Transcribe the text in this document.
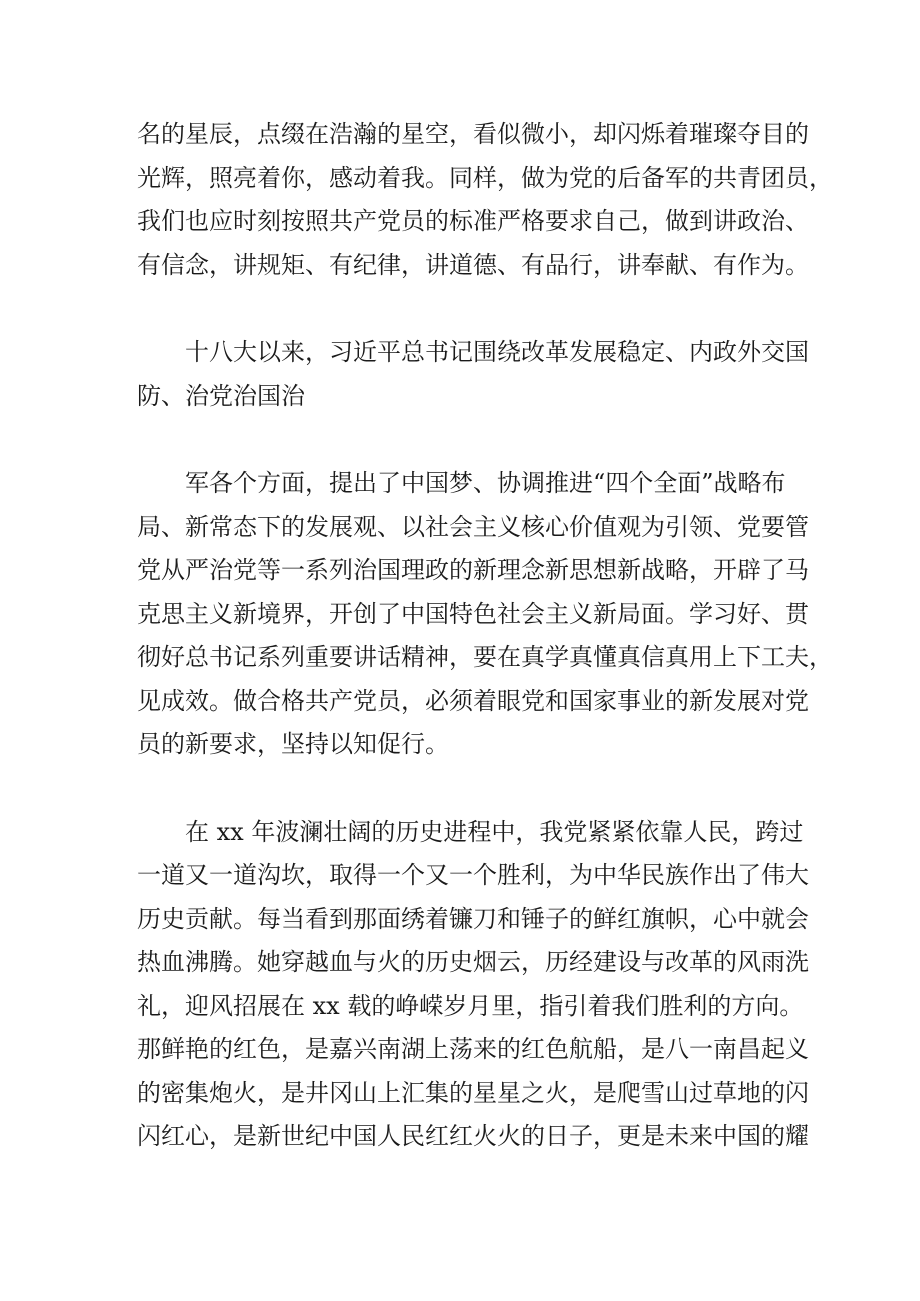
名的星辰，点缀在浩瀚的星空，看似微小，却闪烁着璀璨夺目的
光辉，照亮着你，感动着我。同样，做为党的后备军的共青团员，
我们也应时刻按照共产党员的标准严格要求自己，做到讲政治、
有信念，讲规矩、有纪律，讲道德、有品行，讲奉献、有作为。
十八大以来，习近平总书记围绕改革发展稳定、内政外交国
防、治党治国治
军各个方面，提出了中国梦、协调推进“四个全面”战略布
局、新常态下的发展观、以社会主义核心价值观为引领、党要管
党从严治党等一系列治国理政的新理念新思想新战略，开辟了马
克思主义新境界，开创了中国特色社会主义新局面。学习好、贯
彻好总书记系列重要讲话精神，要在真学真懂真信真用上下工夫，
见成效。做合格共产党员，必须着眼党和国家事业的新发展对党
员的新要求，坚持以知促行。
在 xx 年波澜壮阔的历史进程中，我党紧紧依靠人民，跨过
一道又一道沟坎，取得一个又一个胜利，为中华民族作出了伟大
历史贡献。每当看到那面绣着镰刀和锤子的鲜红旗帜，心中就会
热血沸腾。她穿越血与火的历史烟云，历经建设与改革的风雨洗
礼，迎风招展在 xx 载的峥嵘岁月里，指引着我们胜利的方向。
那鲜艳的红色，是嘉兴南湖上荡来的红色航船，是八一南昌起义
的密集炮火，是井冈山上汇集的星星之火，是爬雪山过草地的闪
闪红心，是新世纪中国人民红红火火的日子，更是未来中国的耀
